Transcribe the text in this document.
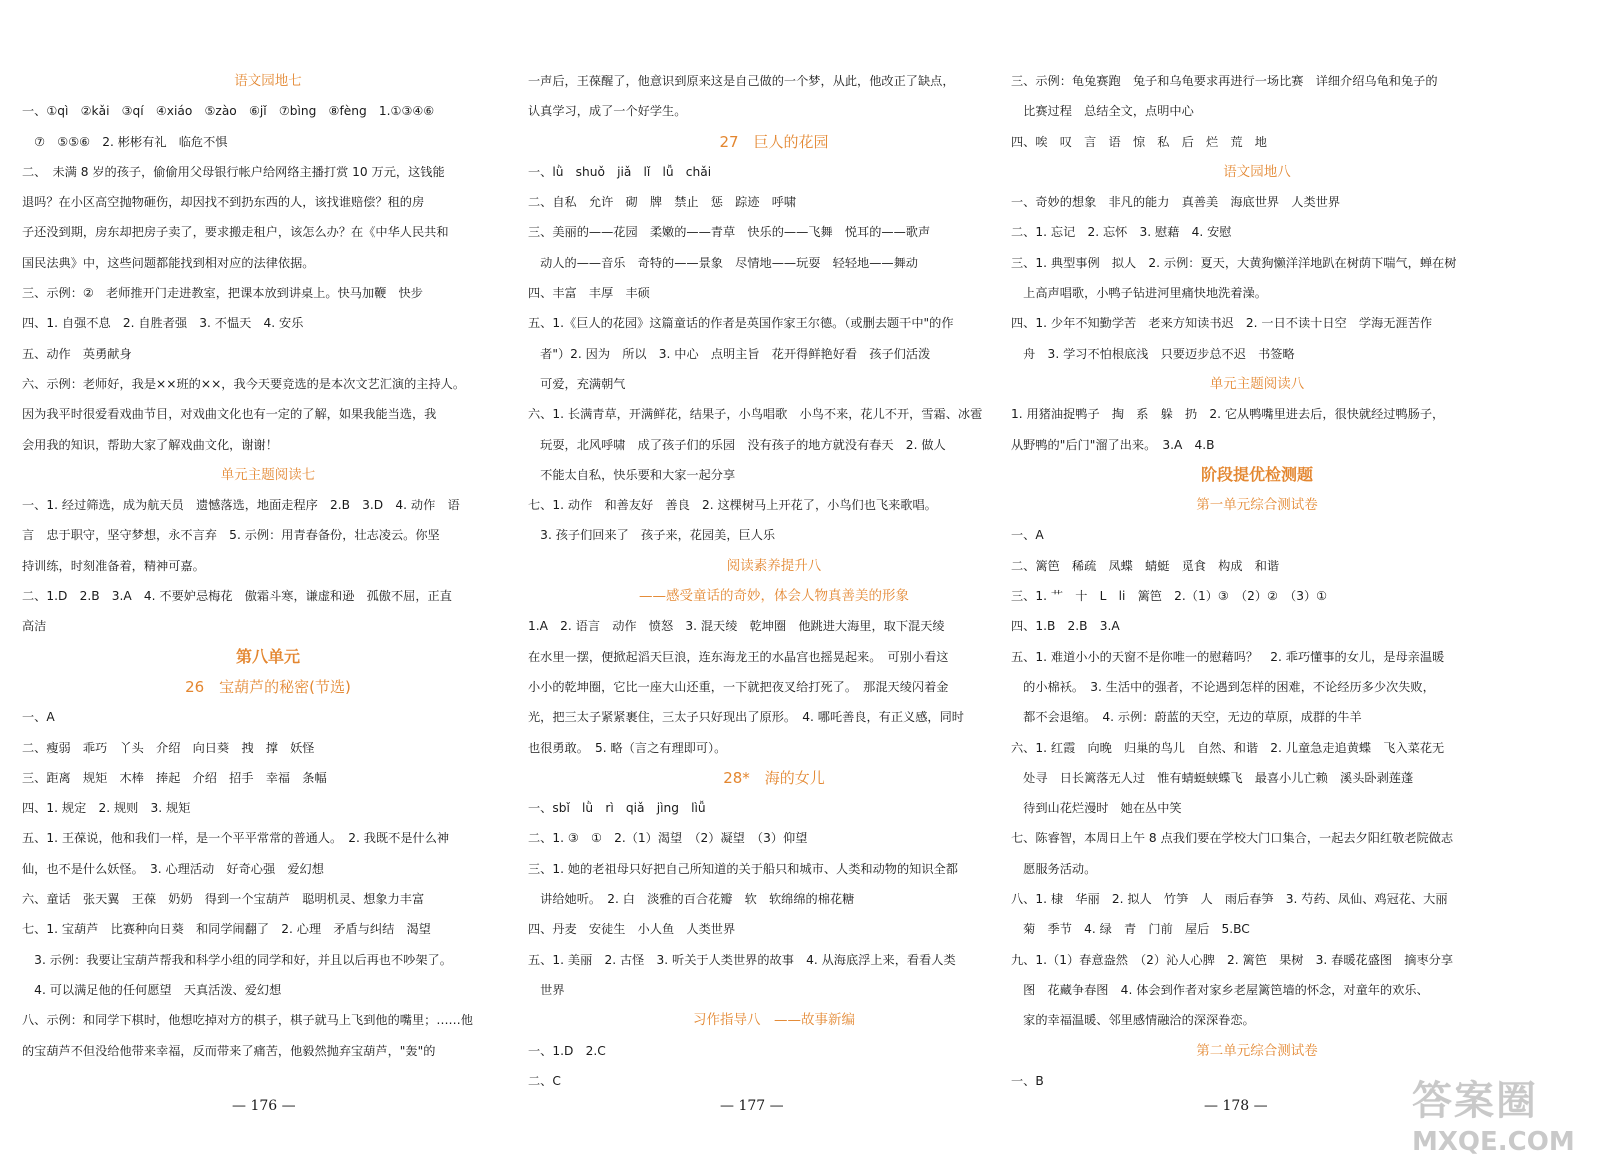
语文园地七
一、①qì　②kǎi　③qí　④xiáo　⑤zào　⑥jǐ　⑦bìng　⑧fèng　1.①③④⑥
　⑦　⑤⑤⑥　2. 彬彬有礼　临危不惧
二、　未满 8 岁的孩子，偷偷用父母银行帐户给网络主播打赏 10 万元，这钱能
退吗？在小区高空抛物砸伤，却因找不到扔东西的人，该找谁赔偿？租的房
子还没到期，房东却把房子卖了，要求搬走租户，该怎么办？在《中华人民共和
国民法典》中，这些问题都能找到相对应的法律依据。
三、示例：②　老师推开门走进教室，把课本放到讲桌上。快马加鞭　快步
四、1. 自强不息　2. 自胜者强　3. 不愠天　4. 安乐
五、动作　英勇献身
六、示例：老师好，我是××班的××，我今天要竞选的是本次文艺汇演的主持人。
因为我平时很爱看戏曲节目，对戏曲文化也有一定的了解，如果我能当选，我
会用我的知识，帮助大家了解戏曲文化，谢谢！
单元主题阅读七
一、1. 经过筛选，成为航天员　遗憾落选，地面走程序　2.B　3.D　4. 动作　语
言　忠于职守，坚守梦想，永不言弃　5. 示例：用青春备份，壮志凌云。你坚
持训练，时刻准备着，精神可嘉。
二、1.D　2.B　3.A　4. 不要妒忌梅花　傲霜斗寒，谦虚和逊　孤傲不屈，正直
高洁
第八单元
26　宝葫芦的秘密(节选)
一、A
二、瘦弱　乖巧　丫头　介绍　向日葵　拽　撑　妖怪
三、距离　规矩　木棒　捧起　介绍　招手　幸福　条幅
四、1. 规定　2. 规则　3. 规矩
五、1. 王葆说，他和我们一样，是一个平平常常的普通人。　2. 我既不是什么神
仙，也不是什么妖怪。　3. 心理活动　好奇心强　爱幻想
六、童话　张天翼　王葆　奶奶　得到一个宝葫芦　聪明机灵、想象力丰富
七、1. 宝葫芦　比赛种向日葵　和同学闹翻了　2. 心理　矛盾与纠结　渴望
　3. 示例：我要让宝葫芦帮我和科学小组的同学和好，并且以后再也不吵架了。
　4. 可以满足他的任何愿望　天真活泼、爱幻想
八、示例：和同学下棋时，他想吃掉对方的棋子，棋子就马上飞到他的嘴里；……他
的宝葫芦不但没给他带来幸福，反而带来了痛苦，他毅然抛弃宝葫芦，"轰"的
一声后，王葆醒了，他意识到原来这是自己做的一个梦，从此，他改正了缺点，
认真学习，成了一个好学生。
27　巨人的花园
一、lǜ　shuǒ　jiǎ　lǐ　lǚ　chǎi
二、自私　允许　砌　牌　禁止　惩　踪迹　呼啸
三、美丽的——花园　柔嫩的——青草　快乐的——飞舞　悦耳的——歌声
　动人的——音乐　奇特的——景象　尽情地——玩耍　轻轻地——舞动
四、丰富　丰厚　丰硕
五、1.《巨人的花园》这篇童话的作者是英国作家王尔德。（或删去题干中"的作
　者"）2. 因为　所以　3. 中心　点明主旨　花开得鲜艳好看　孩子们活泼
　可爱，充满朝气
六、1. 长满青草，开满鲜花，结果子，小鸟唱歌　小鸟不来，花儿不开，雪霜、冰雹
　玩耍，北风呼啸　成了孩子们的乐园　没有孩子的地方就没有春天　2. 做人
　不能太自私，快乐要和大家一起分享
七、1. 动作　和善友好　善良　2. 这棵树马上开花了，小鸟们也飞来歌唱。
　3. 孩子们回来了　孩子来，花园美，巨人乐
阅读素养提升八
——感受童话的奇妙，体会人物真善美的形象
1.A　2. 语言　动作　愤怒　3. 混天绫　乾坤圈　他跳进大海里，取下混天绫
在水里一摆，便掀起滔天巨浪，连东海龙王的水晶宫也摇晃起来。　可别小看这
小小的乾坤圈，它比一座大山还重，一下就把夜叉给打死了。　那混天绫闪着金
光，把三太子紧紧裹住，三太子只好现出了原形。　4. 哪吒善良，有正义感，同时
也很勇敢。　5. 略（言之有理即可）。
28*　海的女儿
一、sbǐ　lǜ　rì　qiǎ　jìng　lìǚ
二、1. ③　①　2.（1）渴望　（2）凝望　（3）仰望
三、1. 她的老祖母只好把自己所知道的关于船只和城市、人类和动物的知识全都
　讲给她听。　2. 白　淡雅的百合花瓣　软　软绵绵的棉花糖
四、丹麦　安徒生　小人鱼　人类世界
五、1. 美丽　2. 古怪　3. 听关于人类世界的故事　4. 从海底浮上来，看看人类
　世界
习作指导八　——故事新编
一、1.D　2.C
二、C
三、示例：龟兔赛跑　兔子和乌龟要求再进行一场比赛　详细介绍乌龟和兔子的
　比赛过程　总结全文，点明中心
四、唉　叹　言　语　惊　私　后　烂　荒　地
语文园地八
一、奇妙的想象　非凡的能力　真善美　海底世界　人类世界
二、1. 忘记　2. 忘怀　3. 慰藉　4. 安慰
三、1. 典型事例　拟人　2. 示例：夏天，大黄狗懒洋洋地趴在树荫下喘气，蝉在树
　上高声唱歌，小鸭子钻进河里痛快地洗着澡。
四、1. 少年不知勤学苦　老来方知读书迟　2. 一日不读十日空　学海无涯苦作
　舟　3. 学习不怕根底浅　只要迈步总不迟　书签略
单元主题阅读八
1. 用猪油捉鸭子　掏　系　躲　扔　2. 它从鸭嘴里进去后，很快就经过鸭肠子，
从野鸭的"后门"溜了出来。　3.A　4.B
阶段提优检测题
第一单元综合测试卷
一、A
二、篱笆　稀疏　凤蝶　蜻蜓　觅食　构成　和谐
三、1. 艹　十　L　li　篱笆　2.（1）③　（2）②　（3）①
四、1.B　2.B　3.A
五、1. 难道小小的天窗不是你唯一的慰藉吗？　2. 乖巧懂事的女儿，是母亲温暖
　的小棉袄。　3. 生活中的强者，不论遇到怎样的困难，不论经历多少次失败，
　都不会退缩。　4. 示例：蔚蓝的天空，无边的草原，成群的牛羊
六、1. 红霞　向晚　归巢的鸟儿　自然、和谐　2. 儿童急走追黄蝶　飞入菜花无
　处寻　日长篱落无人过　惟有蜻蜓蛱蝶飞　最喜小儿亡赖　溪头卧剥莲蓬
　待到山花烂漫时　她在丛中笑
七、陈睿智，本周日上午 8 点我们要在学校大门口集合，一起去夕阳红敬老院做志
　愿服务活动。
八、1. 棣　华丽　2. 拟人　竹笋　人　雨后春笋　3. 芍药、凤仙、鸡冠花、大丽
　菊　季节　4. 绿　青　门前　屋后　5.BC
九、1.（1）春意盎然　（2）沁人心脾　2. 篱笆　果树　3. 春暖花盛图　摘枣分享
　图　花藏争春图　4. 体会到作者对家乡老屋篱笆墙的怀念，对童年的欢乐、
　家的幸福温暖、邻里感情融洽的深深眷恋。
第二单元综合测试卷
一、B
— 176 —	— 177 —	— 178 —	答案圈
MXQE.COM
